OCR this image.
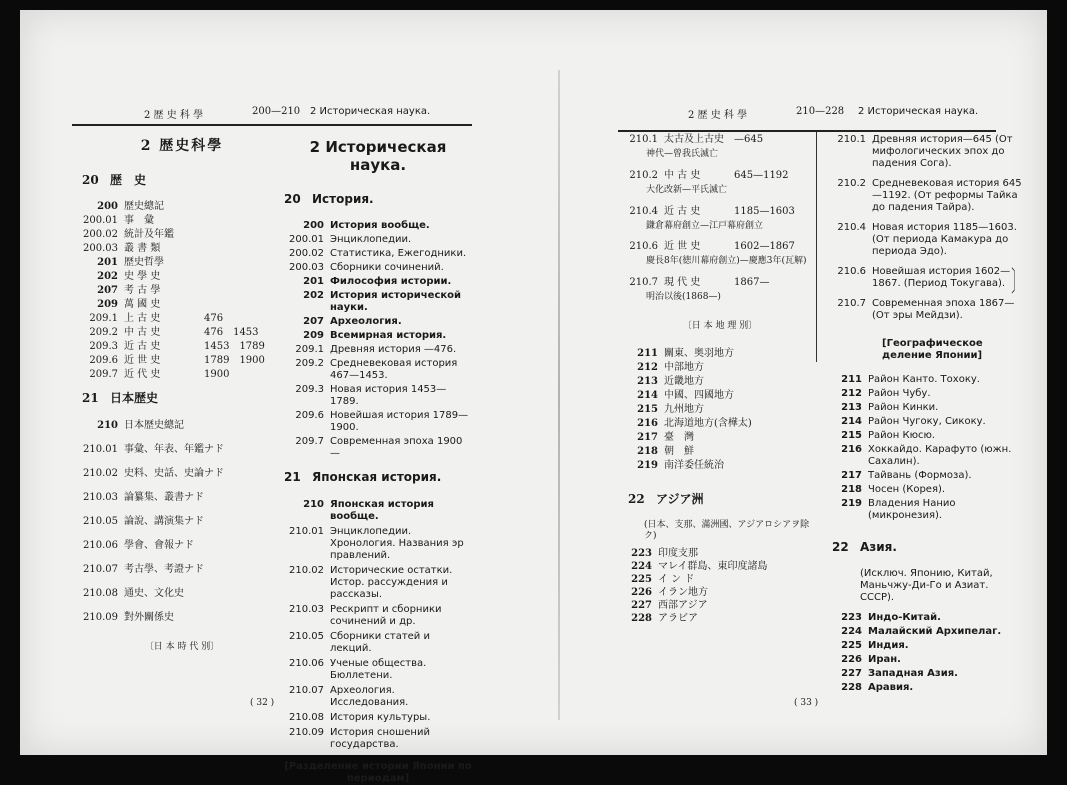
2 歴 史 科 學	200—210 2 Историческая наука.
2 歴史科學
20 歴　史
200 歴史總記
200.01 事　彙
200.02 統計及年鑑
200.03 叢 書 類
201 歴史哲學
202 史 學 史
207 考 古 學
209 萬 國 史
209.1 上 古 史	476
209.2 中 古 史	476　1453
209.3 近 古 史	1453　1789
209.6 近 世 史	1789　1900
209.7 近 代 史	1900
21 日本歴史
210 日本歴史總記
210.01 事彙、年表、年鑑ナド
210.02 史料、史話、史論ナド
210.03 論纂集、叢書ナド
210.05 論說、講演集ナド
210.06 學會、會報ナド
210.07 考古學、考證ナド
210.08 通史、文化史
210.09 對外關係史
〔日 本 時 代 別〕
2 Историческая наука.
20 История.
200 История вообще.
200.01 Энциклопедии.
200.02 Статистика, Ежегодники.
200.03 Сборники сочинений.
201 Философия истории.
202 История исторической науки.
207 Археология.
209 Всемирная история.
209.1 Древняя история —476.
209.2 Средневековая история 467—1453.
209.3 Новая история 1453—1789.
209.6 Новейшая история 1789—1900.
209.7 Современная эпоха 1900—
21 Японская история.
210 Японская история вообще.
210.01 Энциклопедии. Хронология. Названия эр правлений.
210.02 Исторические остатки. Истор. рассуждения и рассказы.
210.03 Рескрипт и сборники сочинений и др.
210.05 Сборники статей и лекций.
210.06 Ученые общества. Бюллетени.
210.07 Археология. Исследования.
210.08 История культуры.
210.09 История сношений государства.
[Разделение истории Японии по периодам]
( 32 )
2 歴 史 科 學	210—228 2 Историческая наука.
210.1 太古及上古史 —645
神代—曾我氏滅亡
210.2 中 古 史	645—1192
大化改新—平氏滅亡
210.4 近 古 史	1185—1603
鎌倉幕府創立—江戸幕府創立
210.6 近 世 史	1602—1867
慶長8年(徳川幕府創立)—慶應3年(瓦解)
210.7 現 代 史	1867—
明治以後(1868—)
〔日 本 地 理 別〕
211 關東、奥羽地方
212 中部地方
213 近畿地方
214 中國、四國地方
215 九州地方
216 北海道地方(含樺太)
217 臺　灣
218 朝　鮮
219 南洋委任統治
22 アジア洲
(日本、支那、滿洲國、アジアロシアヲ除ク)
223 印度支那
224 マレイ群島、東印度諸島
225 イ ン ド
226 イラン地方
227 西部アジア
228 アラビア
210.1 Древняя история—645 (От мифологических эпох до падения Сога).
210.2 Средневековая история 645—1192. (От реформы Тайка до падения Тайра).
210.4 Новая история 1185—1603. (От периода Камакура до периода Эдо).
210.6 Новейшая история 1602—1867. (Период Токугава).
210.7 Современная эпоха 1867— (От эры Мейдзи).
[Географическое деление Японии]
211 Район Канто. Тохоку.
212 Район Чубу.
213 Район Кинки.
214 Район Чугоку, Сикоку.
215 Район Кюсю.
216 Хоккайдо. Карафуто (южн. Сахалин).
217 Тайвань (Формоза).
218 Чосен (Корея).
219 Владения Нанио (микронезия).
22 Азия.
(Исключ. Японию, Китай, Маньчжу-Ди-Го и Азиат. СССР).
223 Индо-Китай.
224 Малайский Архипелаг.
225 Индия.
226 Иран.
227 Западная Азия.
228 Аравия.
( 33 )
〕
